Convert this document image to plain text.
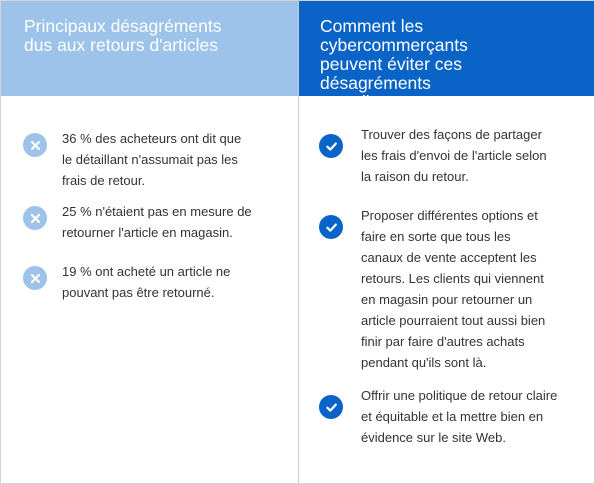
Principaux désagréments
dus aux retours d'articles
36 % des acheteurs ont dit que
le détaillant n'assumait pas les
frais de retour.
25 % n'étaient pas en mesure de
retourner l'article en magasin.
19 % ont acheté un article ne
pouvant pas être retourné.
Comment les cybercommerçants
peuvent éviter ces désagréments
aux clients
Trouver des façons de partager
les frais d'envoi de l'article selon
la raison du retour.
Proposer différentes options et
faire en sorte que tous les
canaux de vente acceptent les
retours. Les clients qui viennent
en magasin pour retourner un
article pourraient tout aussi bien
finir par faire d'autres achats
pendant qu'ils sont là.
Offrir une politique de retour claire
et équitable et la mettre bien en
évidence sur le site Web.
